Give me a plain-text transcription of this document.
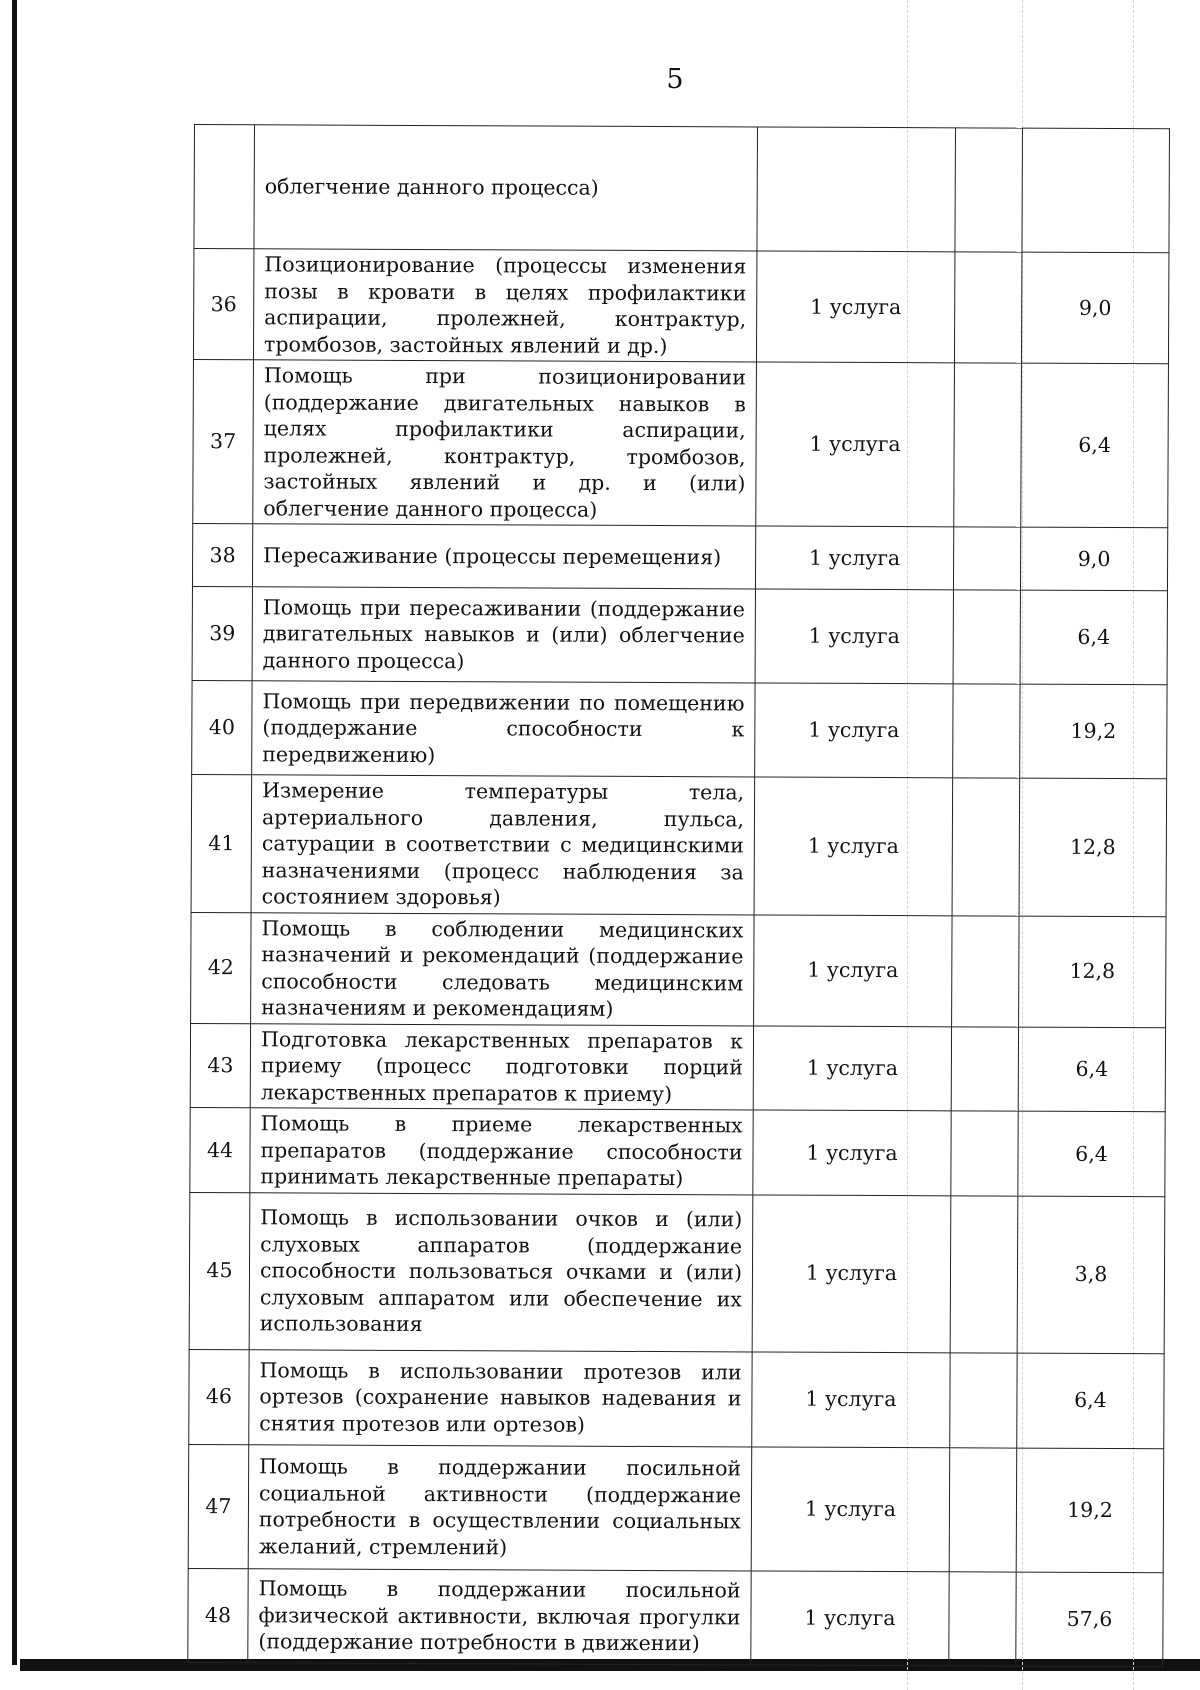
5
	облегчение данного процесса)			
36	Позиционирование (процессы изменения позы в кровати в целях профилактики аспирации, пролежней, контрактур, тромбозов, застойных явлений и др.)	1 услуга		9,0
37	Помощь при позиционировании (поддержание двигательных навыков в целях профилактики аспирации, пролежней, контрактур, тромбозов, застойных явлений и др. и (или) облегчение данного процесса)	1 услуга		6,4
38	Пересаживание (процессы перемещения)	1 услуга		9,0
39	Помощь при пересаживании (поддержание двигательных навыков и (или) облегчение данного процесса)	1 услуга		6,4
40	Помощь при передвижении по помещению (поддержание способности к передвижению)	1 услуга		19,2
41	Измерение температуры тела, артериального давления, пульса, сатурации в соответствии с медицинскими назначениями (процесс наблюдения за состоянием здоровья)	1 услуга		12,8
42	Помощь в соблюдении медицинских назначений и рекомендаций (поддержание способности следовать медицинским назначениям и рекомендациям)	1 услуга		12,8
43	Подготовка лекарственных препаратов к приему (процесс подготовки порций лекарственных препаратов к приему)	1 услуга		6,4
44	Помощь в приеме лекарственных препаратов (поддержание способности принимать лекарственные препараты)	1 услуга		6,4
45	Помощь в использовании очков и (или) слуховых аппаратов (поддержание способности пользоваться очками и (или) слуховым аппаратом или обеспечение их использования	1 услуга		3,8
46	Помощь в использовании протезов или ортезов (сохранение навыков надевания и снятия протезов или ортезов)	1 услуга		6,4
47	Помощь в поддержании посильной социальной активности (поддержание потребности в осуществлении социальных желаний, стремлений)	1 услуга		19,2
48	Помощь в поддержании посильной физической активности, включая прогулки (поддержание потребности в движении)	1 услуга		57,6
